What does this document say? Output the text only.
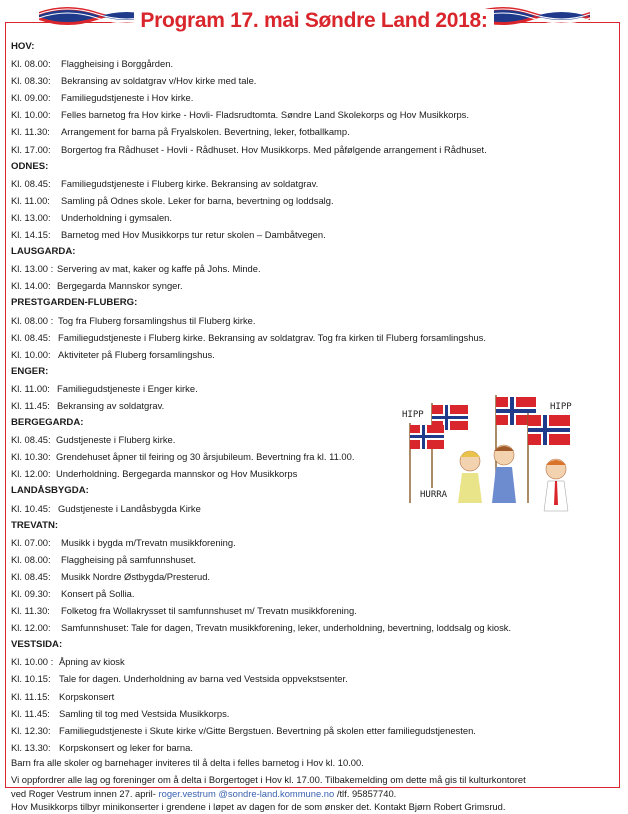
Program 17. mai Søndre Land 2018:
HOV:
Kl. 08.00:	Flaggheising i Borggården.
Kl. 08.30:	Bekransing av soldatgrav v/Hov kirke med tale.
Kl. 09.00:	Familiegudstjeneste i Hov kirke.
Kl. 10.00:	Felles barnetog fra Hov kirke - Hovli- Fladsrudtomta. Søndre Land Skolekorps og Hov Musikkorps.
Kl. 11.30:	Arrangement for barna på Fryalskolen. Bevertning, leker, fotballkamp.
Kl. 17.00:	Borgertog fra Rådhuset - Hovli - Rådhuset. Hov Musikkorps. Med påfølgende arrangement i Rådhuset.
ODNES:
Kl. 08.45:	Familiegudstjeneste i Fluberg kirke. Bekransing av soldatgrav.
Kl. 11.00:	Samling på Odnes skole. Leker for barna, bevertning og loddsalg.
Kl. 13.00:	Underholdning i gymsalen.
Kl. 14.15:	Barnetog med Hov Musikkorps tur retur skolen – Dambåtvegen.
LAUSGARDA:
Kl. 13.00 : Servering av mat, kaker og kaffe på Johs. Minde.
Kl. 14.00: Bergegarda Mannskor synger.
PRESTGARDEN-FLUBERG:
Kl. 08.00 : Tog fra Fluberg forsamlingshus til Fluberg kirke.
Kl. 08.45: Familiegudstjeneste i Fluberg kirke. Bekransing av soldatgrav. Tog fra kirken til Fluberg forsamlingshus.
Kl. 10.00: Aktiviteter på Fluberg forsamlingshus.
ENGER:
Kl. 11.00: Familiegudstjeneste i Enger kirke.
Kl. 11.45: Bekransing av soldatgrav.
BERGEGARDA:
Kl. 08.45: Gudstjeneste i Fluberg kirke.
Kl. 10.30: Grendehuset åpner til feiring og 30 årsjubileum. Bevertning fra kl. 11.00.
Kl. 12.00: Underholdning. Bergegarda mannskor og Hov Musikkorps
LANDÅSBYGDA:
Kl. 10.45: Gudstjeneste i Landåsbygda Kirke
TREVATN:
Kl. 07.00:	Musikk i bygda m/Trevatn musikkforening.
Kl. 08.00:	Flaggheising på samfunnshuset.
Kl. 08.45:	Musikk Nordre Østbygda/Presterud.
Kl. 09.30:	Konsert på Sollia.
Kl. 11.30:	Folketog fra Wollakrysset til samfunnshuset m/ Trevatn musikkforening.
Kl. 12.00:	Samfunnshuset: Tale for dagen, Trevatn musikkforening, leker, underholdning, bevertning, loddsalg og kiosk.
VESTSIDA:
Kl. 10.00 : Åpning av kiosk
Kl. 10.15: Tale for dagen. Underholdning av barna ved Vestsida oppvekstsenter.
Kl. 11.15: Korpskonsert
Kl. 11.45: Samling til tog med Vestsida Musikkorps.
Kl. 12.30: Familiegudstjeneste i Skute kirke v/Gitte Bergstuen. Bevertning på skolen etter familiegudstjenesten.
Kl. 13.30: Korpskonsert og leker for barna.

Barn fra alle skoler og barnehager inviteres til å delta i felles barnetog i Hov kl. 10.00.

Vi oppfordrer alle lag og foreninger om å delta i Borgertoget i Hov kl. 17.00. Tilbakemelding om dette må gis til kulturkontoret
ved Roger Vestrum innen 27. april- roger.vestrum @sondre-land.kommune.no /tlf. 95857740.

Hov Musikkorps tilbyr minikonserter i grendene i løpet av dagen for de som ønsker det. Kontakt Bjørn Robert Grimsrud.

HIPP
HIPP
HURRA
